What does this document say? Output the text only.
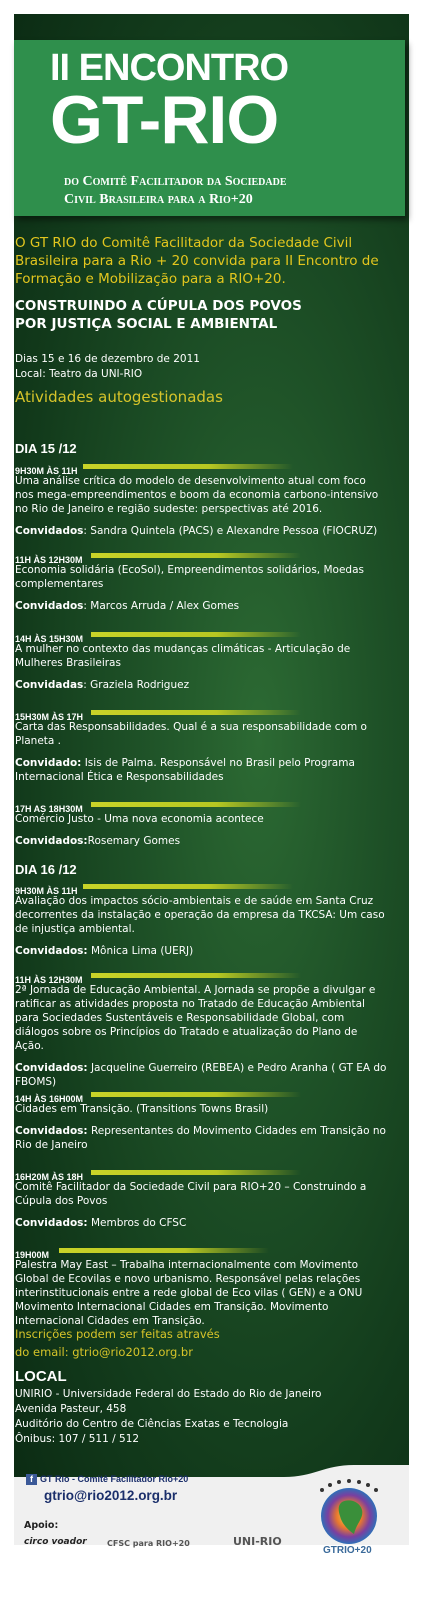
II ENCONTRO
GT-RIO
do Comitê Facilitador da Sociedade
Civil Brasileira para a Rio+20
O GT RIO do Comitê Facilitador da Sociedade Civil Brasileira para a Rio + 20 convida para II Encontro de Formação e Mobilização para a RIO+20.
CONSTRUINDO A CÚPULA DOS POVOS
POR JUSTIÇA SOCIAL E AMBIENTAL
Dias 15 e 16 de dezembro de 2011
Local: Teatro da UNI-RIO
Atividades autogestionadas
DIA 15 /12
9H30M ÀS 11H
Uma análise crítica do modelo de desenvolvimento atual com foco nos mega-empreendimentos e boom da economia carbono-intensivo no Rio de Janeiro e região sudeste: perspectivas até 2016.
Convidados: Sandra Quintela (PACS) e Alexandre Pessoa (FIOCRUZ)
11H ÀS 12H30M
Economia solidária (EcoSol), Empreendimentos solidários, Moedas complementares
Convidados: Marcos Arruda / Alex Gomes
14H ÀS 15H30M
A mulher no contexto das mudanças climáticas - Articulação de Mulheres Brasileiras
Convidadas: Graziela Rodriguez
15H30M ÀS 17H
Carta das Responsabilidades. Qual é a sua responsabilidade com o Planeta .
Convidado: Isis de Palma. Responsável no Brasil pelo Programa Internacional Ética e Responsabilidades
17H AS 18H30M
Comércio Justo - Uma nova economia acontece
Convidados:Rosemary Gomes
DIA 16 /12
9H30M ÀS 11H
Avaliação dos impactos sócio-ambientais e de saúde em Santa Cruz decorrentes da instalação e operação da empresa da TKCSA: Um caso de injustiça ambiental.
Convidados: Mônica Lima (UERJ)
11H ÀS 12H30M
2ª Jornada de Educação Ambiental. A Jornada se propõe a divulgar e ratificar as atividades proposta no Tratado de Educação Ambiental para Sociedades Sustentáveis e Responsabilidade Global, com diálogos sobre os Princípios do Tratado e atualização do Plano de Ação.
Convidados: Jacqueline Guerreiro (REBEA) e Pedro Aranha ( GT EA do FBOMS)
14H ÀS 16H00M
Cidades em Transição. (Transitions Towns Brasil)
Convidados: Representantes do Movimento Cidades em Transição no Rio de Janeiro
16H20M ÀS 18H
Comitê Facilitador da Sociedade Civil para RIO+20 – Construindo a Cúpula dos Povos
Convidados: Membros do CFSC
19H00M
Palestra May East – Trabalha internacionalmente com Movimento Global de Ecovilas e novo urbanismo. Responsável pelas relações interinstitucionais entre a rede global de Eco vilas ( GEN) e a ONU Movimento Internacional Cidades em Transição. Movimento Internacional Cidades em Transição.
Inscrições podem ser feitas através
do email: gtrio@rio2012.org.br
LOCAL
UNIRIO - Universidade Federal do Estado do Rio de Janeiro
Avenida Pasteur, 458
Auditório do Centro de Ciências Exatas e Tecnologia
Ônibus: 107 / 511 / 512
f GT Rio - Comitê Facilitador Rio+20
gtrio@rio2012.org.br
Apoio:
circo voador	CFSC para RIO+20	UNI-RIO
GTRIO+20
